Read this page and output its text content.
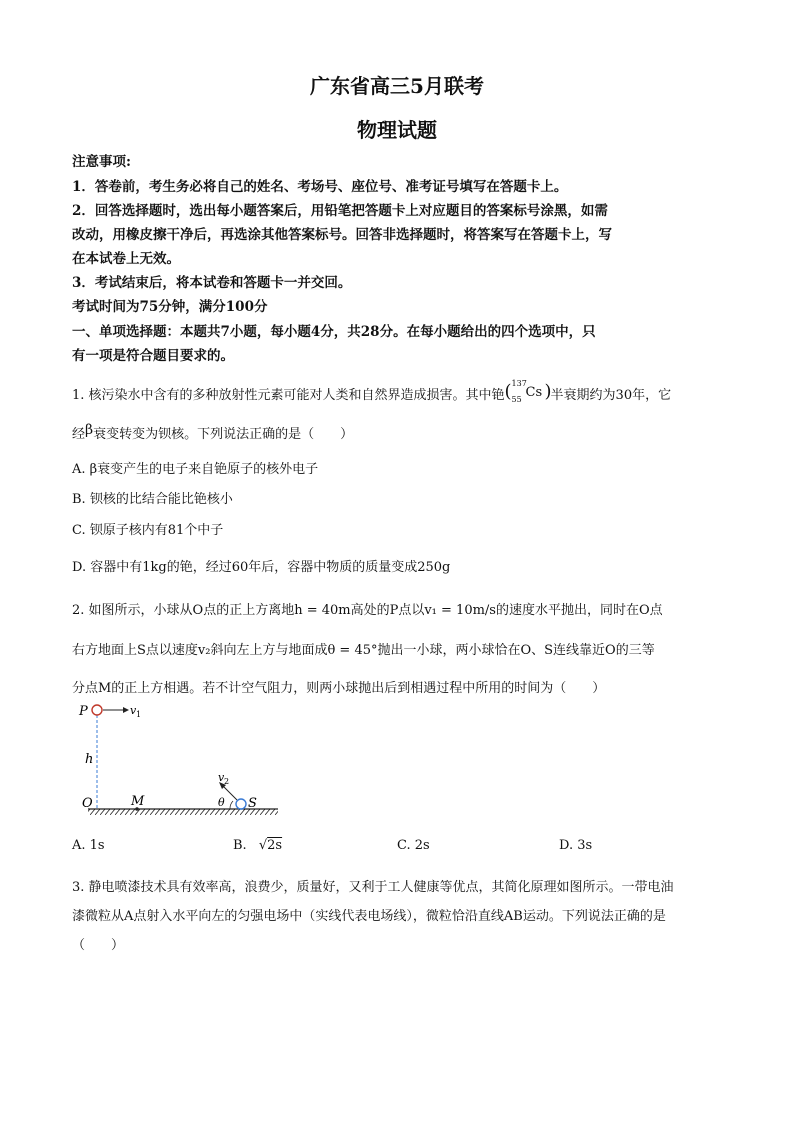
广东省高三5月联考
物理试题
注意事项:
1．答卷前，考生务必将自己的姓名、考场号、座位号、准考证号填写在答题卡上。
2．回答选择题时，选出每小题答案后，用铅笔把答题卡上对应题目的答案标号涂黑，如需
改动，用橡皮擦干净后，再选涂其他答案标号。回答非选择题时，将答案写在答题卡上，写
在本试卷上无效。
3．考试结束后，将本试卷和答题卡一并交回。
考试时间为75分钟，满分100分
一、单项选择题：本题共7小题，每小题4分，共28分。在每小题给出的四个选项中，只
有一项是符合题目要求的。
1. 核污染水中含有的多种放射性元素可能对人类和自然界造成损害。其中铯 ( 137
55 Cs )
半衰期约为30年，它
经β衰变转变为钡核。下列说法正确的是（　　）
A. β衰变产生的电子来自铯原子的核外电子
B. 钡核的比结合能比铯核小
C. 钡原子核内有81个中子
D. 容器中有1kg的铯，经过60年后，容器中物质的质量变成250g
2. 如图所示，小球从O点的正上方离地h = 40m高处的P点以v₁ = 10m/s的速度水平抛出，同时在O点
右方地面上S点以速度v₂斜向左上方与地面成θ = 45°抛出一小球，两小球恰在O、S连线靠近O的三等
分点M的正上方相遇。若不计空气阻力，则两小球抛出后到相遇过程中所用的时间为（　　）
P	v 1
h
O	M
v 2
θ S
A. 1s	B. √2s	C. 2s	D. 3s
3. 静电喷漆技术具有效率高，浪费少，质量好，又利于工人健康等优点，其简化原理如图所示。一带电油
漆微粒从A点射入水平向左的匀强电场中（实线代表电场线），微粒恰沿直线AB运动。下列说法正确的是
（　　）
